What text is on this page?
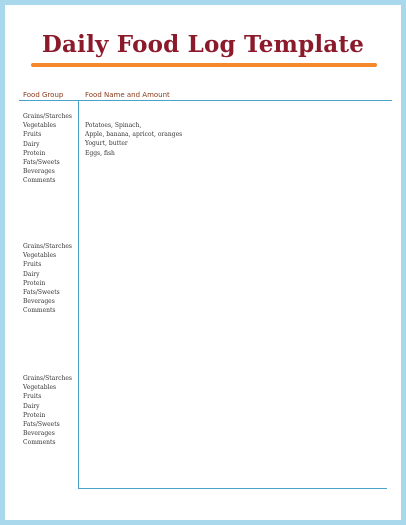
Daily Food Log Template
Food Group	Food Name and Amount
Grains/Starches
Vegetables
Fruits
Dairy
Protein
Fats/Sweets
Beverages
Comments
Potatoes, Spinach,
Apple, banana, apricot, oranges
Yogurt, butter
Eggs, fish
Grains/Starches
Vegetables
Fruits
Dairy
Protein
Fats/Sweets
Beverages
Comments
Grains/Starches
Vegetables
Fruits
Dairy
Protein
Fats/Sweets
Beverages
Comments
